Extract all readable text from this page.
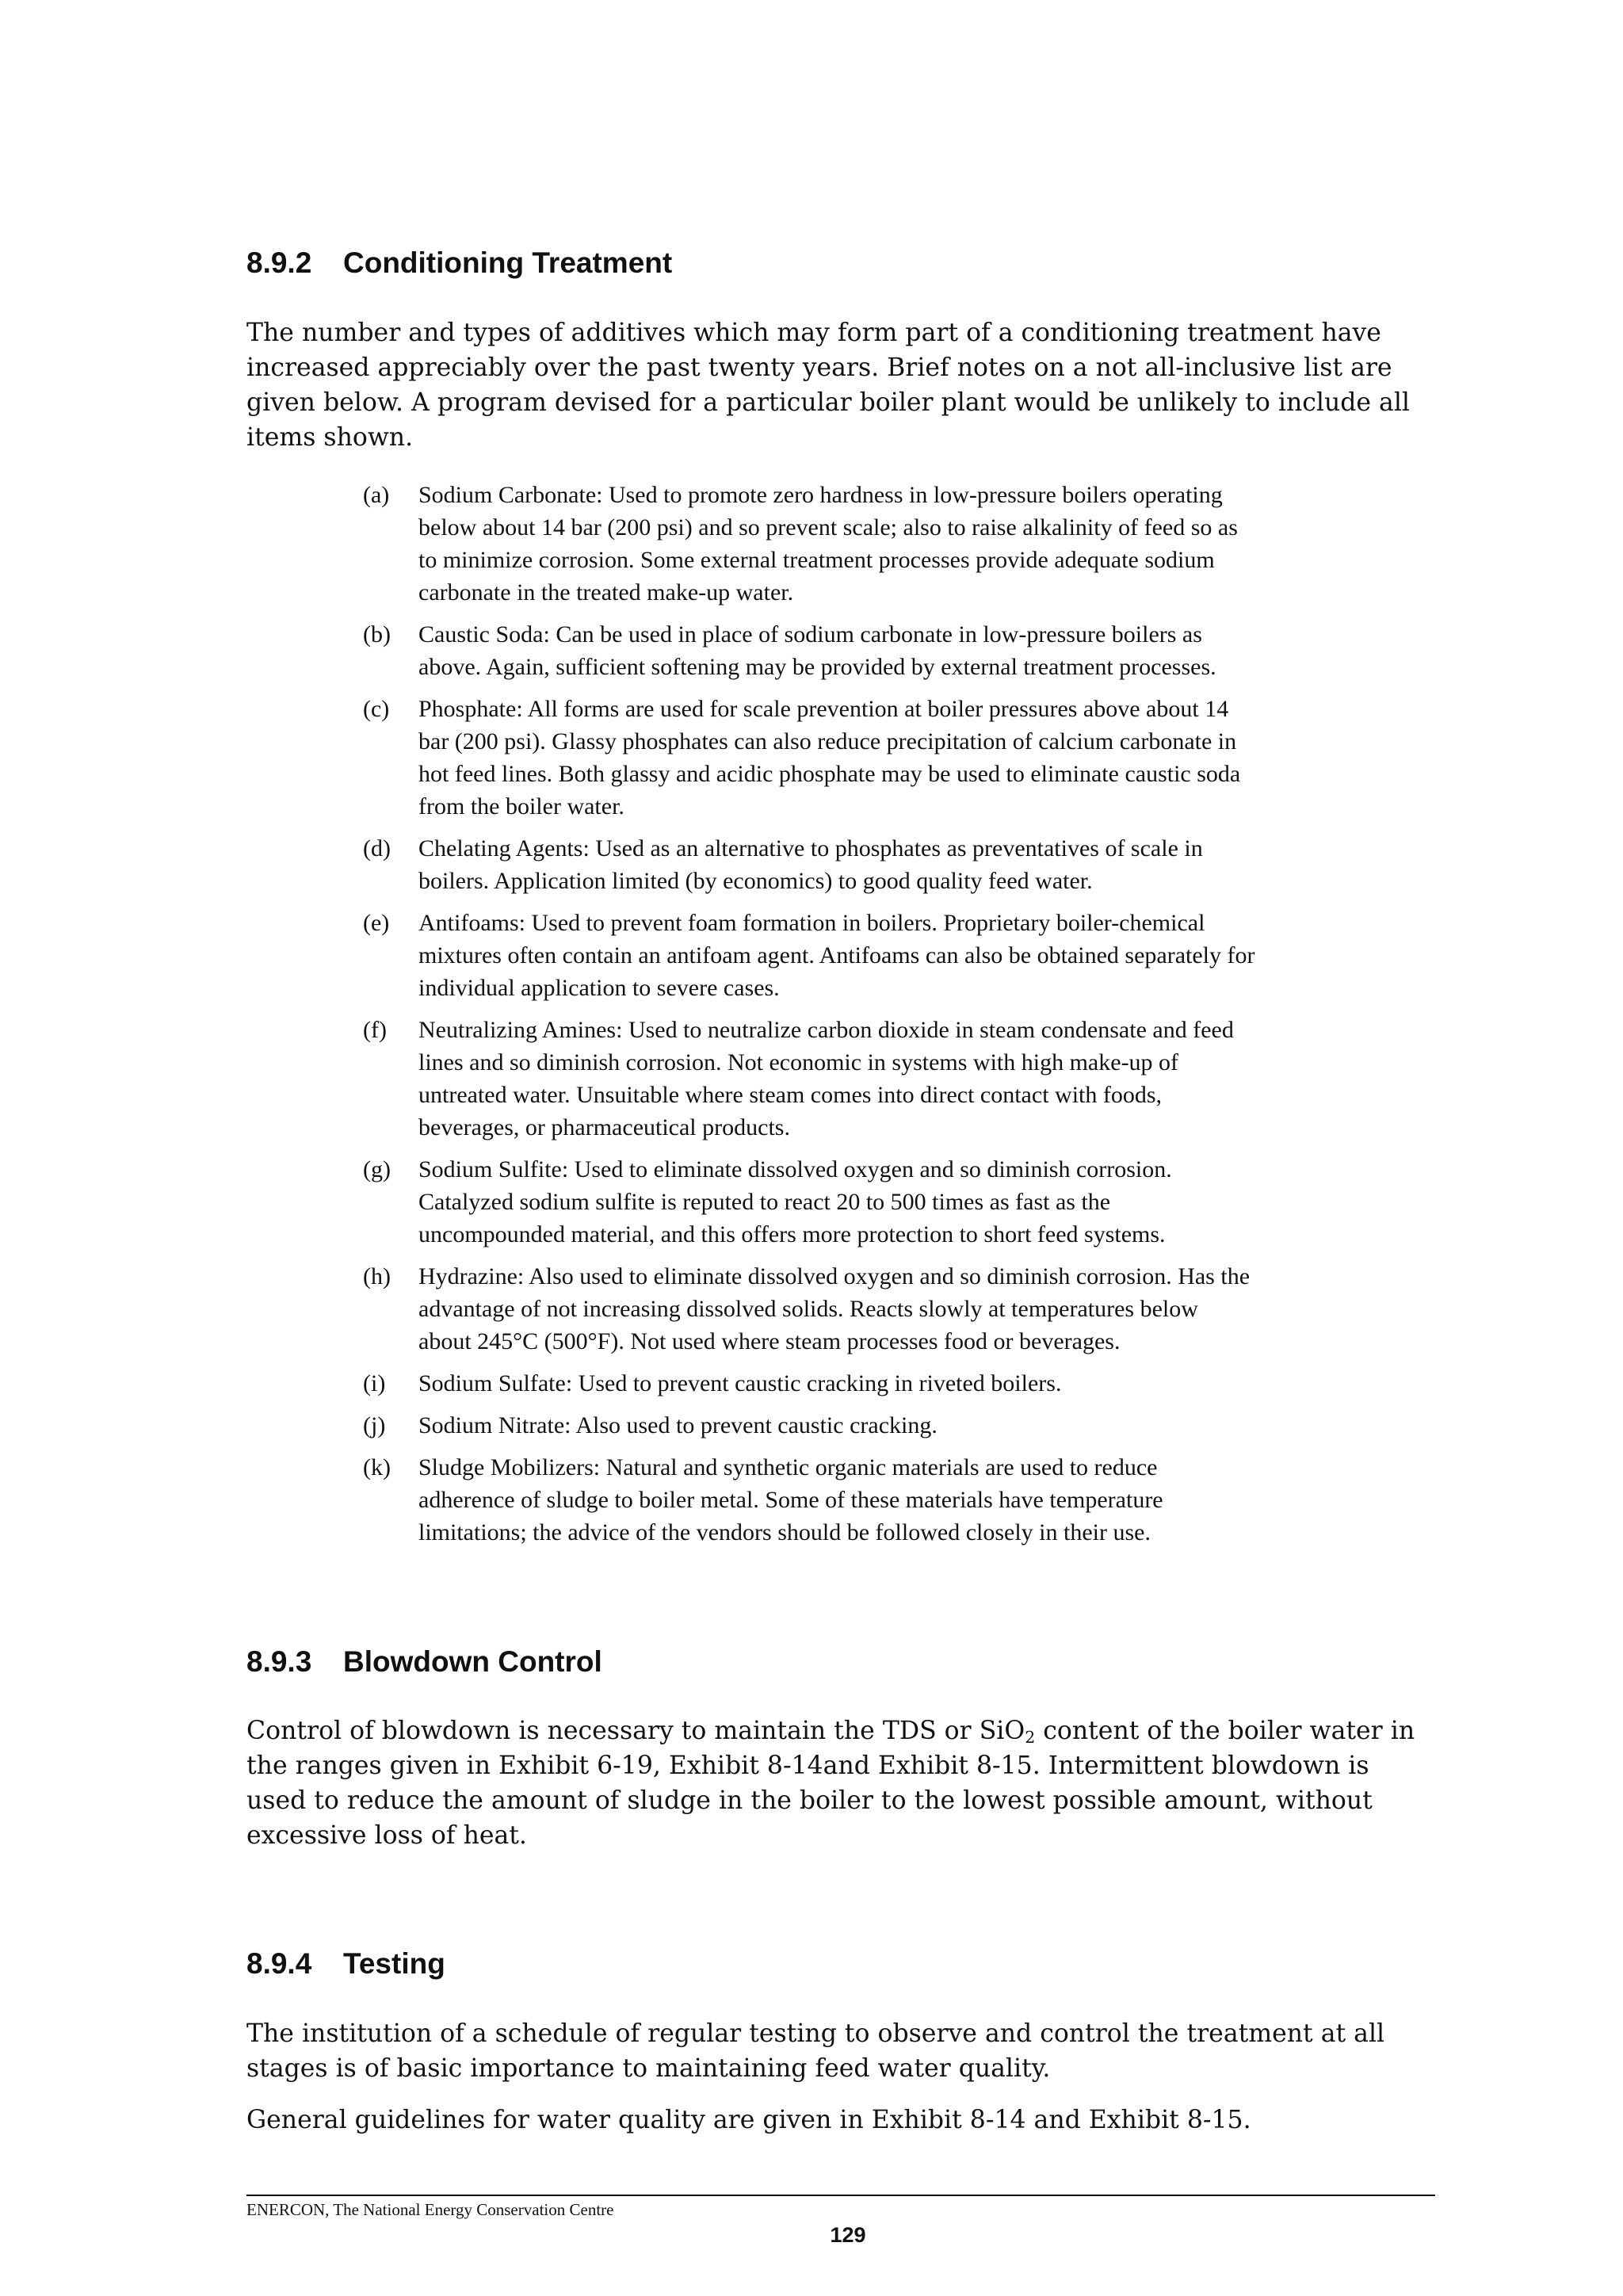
8.9.2 Conditioning Treatment

The number and types of additives which may form part of a conditioning treatment have
increased appreciably over the past twenty years. Brief notes on a not all-inclusive list are
given below. A program devised for a particular boiler plant would be unlikely to include all
items shown.

(a) Sodium Carbonate: Used to promote zero hardness in low-pressure boilers operating
below about 14 bar (200 psi) and so prevent scale; also to raise alkalinity of feed so as
to minimize corrosion. Some external treatment processes provide adequate sodium
carbonate in the treated make-up water.
(b) Caustic Soda: Can be used in place of sodium carbonate in low-pressure boilers as
above. Again, sufficient softening may be provided by external treatment processes.
(c) Phosphate: All forms are used for scale prevention at boiler pressures above about 14
bar (200 psi). Glassy phosphates can also reduce precipitation of calcium carbonate in
hot feed lines. Both glassy and acidic phosphate may be used to eliminate caustic soda
from the boiler water.
(d) Chelating Agents: Used as an alternative to phosphates as preventatives of scale in
boilers. Application limited (by economics) to good quality feed water.
(e) Antifoams: Used to prevent foam formation in boilers. Proprietary boiler-chemical
mixtures often contain an antifoam agent. Antifoams can also be obtained separately for
individual application to severe cases.
(f) Neutralizing Amines: Used to neutralize carbon dioxide in steam condensate and feed
lines and so diminish corrosion. Not economic in systems with high make-up of
untreated water. Unsuitable where steam comes into direct contact with foods,
beverages, or pharmaceutical products.
(g) Sodium Sulfite: Used to eliminate dissolved oxygen and so diminish corrosion.
Catalyzed sodium sulfite is reputed to react 20 to 500 times as fast as the
uncompounded material, and this offers more protection to short feed systems.
(h) Hydrazine: Also used to eliminate dissolved oxygen and so diminish corrosion. Has the
advantage of not increasing dissolved solids. Reacts slowly at temperatures below
about 245°C (500°F). Not used where steam processes food or beverages.
(i) Sodium Sulfate: Used to prevent caustic cracking in riveted boilers.
(j) Sodium Nitrate: Also used to prevent caustic cracking.
(k) Sludge Mobilizers: Natural and synthetic organic materials are used to reduce
adherence of sludge to boiler metal. Some of these materials have temperature
limitations; the advice of the vendors should be followed closely in their use.
8.9.3 Blowdown Control

Control of blowdown is necessary to maintain the TDS or SiO$_2$ content of the boiler water in
the ranges given in Exhibit 6-19, Exhibit 8-14and Exhibit 8-15. Intermittent blowdown is
used to reduce the amount of sludge in the boiler to the lowest possible amount, without
excessive loss of heat.

8.9.4 Testing

The institution of a schedule of regular testing to observe and control the treatment at all
stages is of basic importance to maintaining feed water quality.

General guidelines for water quality are given in Exhibit 8-14 and Exhibit 8-15.

ENERCON, The National Energy Conservation Centre
129
